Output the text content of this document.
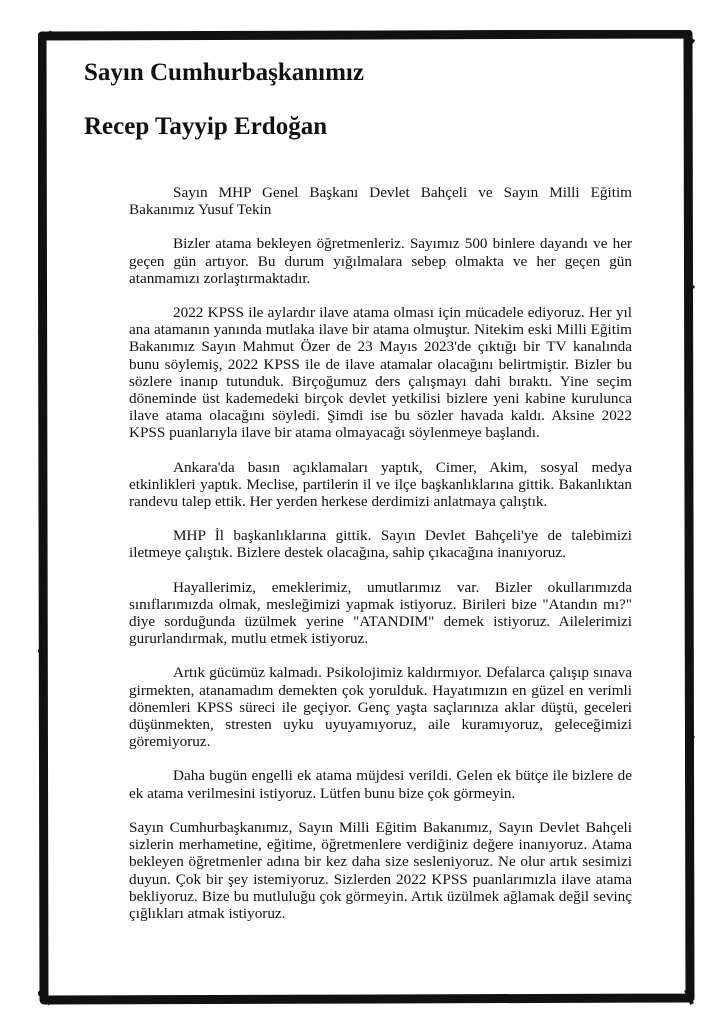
Sayın Cumhurbaşkanımız
Recep Tayyip Erdoğan

Sayın MHP Genel Başkanı Devlet Bahçeli ve Sayın Milli Eğitim Bakanımız Yusuf Tekin

Bizler atama bekleyen öğretmenleriz. Sayımız 500 binlere dayandı ve her geçen gün artıyor. Bu durum yığılmalara sebep olmakta ve her geçen gün atanmamızı zorlaştırmaktadır.

2022 KPSS ile aylardır ilave atama olması için mücadele ediyoruz. Her yıl ana atamanın yanında mutlaka ilave bir atama olmuştur. Nitekim eski Milli Eğitim Bakanımız Sayın Mahmut Özer de 23 Mayıs 2023'de çıktığı bir TV kanalında bunu söylemiş, 2022 KPSS ile de ilave atamalar olacağını belirtmiştir. Bizler bu sözlere inanıp tutunduk. Birçoğumuz ders çalışmayı dahi bıraktı. Yine seçim döneminde üst kademedeki birçok devlet yetkilisi bizlere yeni kabine kurulunca ilave atama olacağını söyledi. Şimdi ise bu sözler havada kaldı. Aksine 2022 KPSS puanlarıyla ilave bir atama olmayacağı söylenmeye başlandı.

Ankara'da basın açıklamaları yaptık, Cimer, Akim, sosyal medya etkinlikleri yaptık. Meclise, partilerin il ve ilçe başkanlıklarına gittik. Bakanlıktan randevu talep ettik. Her yerden herkese derdimizi anlatmaya çalıştık.

MHP İl başkanlıklarına gittik. Sayın Devlet Bahçeli'ye de talebimizi iletmeye çalıştık. Bizlere destek olacağına, sahip çıkacağına inanıyoruz.

Hayallerimiz, emeklerimiz, umutlarımız var. Bizler okullarımızda sınıflarımızda olmak, mesleğimizi yapmak istiyoruz. Birileri bize "Atandın mı?" diye sorduğunda üzülmek yerine "ATANDIM" demek istiyoruz. Ailelerimizi gururlandırmak, mutlu etmek istiyoruz.

Artık gücümüz kalmadı. Psikolojimiz kaldırmıyor. Defalarca çalışıp sınava girmekten, atanamadım demekten çok yorulduk. Hayatımızın en güzel en verimli dönemleri KPSS süreci ile geçiyor. Genç yaşta saçlarınıza aklar düştü, geceleri düşünmekten, stresten uyku uyuyamıyoruz, aile kuramıyoruz, geleceğimizi göremiyoruz.

Daha bugün engelli ek atama müjdesi verildi. Gelen ek bütçe ile bizlere de ek atama verilmesini istiyoruz. Lütfen bunu bize çok görmeyin.

Sayın Cumhurbaşkanımız, Sayın Milli Eğitim Bakanımız, Sayın Devlet Bahçeli sizlerin merhametine, eğitime, öğretmenlere verdiğiniz değere inanıyoruz. Atama bekleyen öğretmenler adına bir kez daha size sesleniyoruz. Ne olur artık sesimizi duyun. Çok bir şey istemiyoruz. Sizlerden 2022 KPSS puanlarımızla ilave atama bekliyoruz. Bize bu mutluluğu çok görmeyin. Artık üzülmek ağlamak değil sevinç çığlıkları atmak istiyoruz.
